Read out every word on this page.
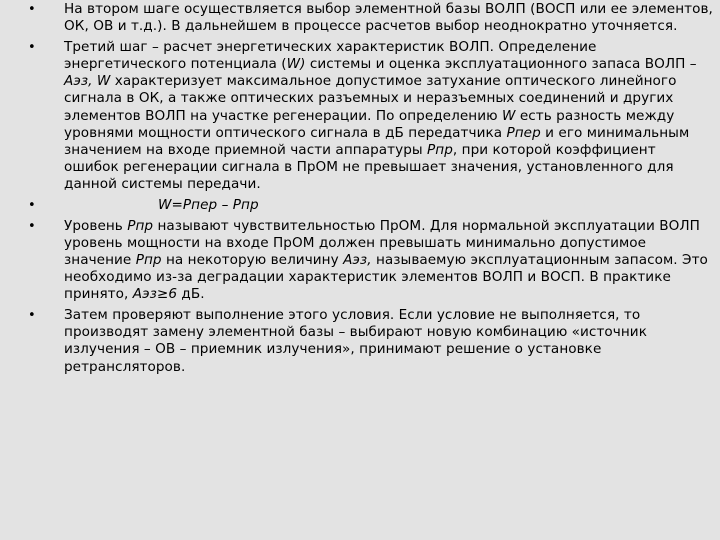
• На втором шаге осуществляется выбор элементной базы ВОЛП (ВОСП или ее элементов, ОК, ОВ и т.д.). В дальнейшем в процессе расчетов выбор неоднократно уточняется.
• Третий шаг – расчет энергетических характеристик ВОЛП. Определение энергетического потенциала (W) системы и оценка эксплуатационного запаса ВОЛП – Аэз, W характеризует максимальное допустимое затухание оптического линейного сигнала в ОК, а также оптических разъемных и неразъемных соединений и других элементов ВОЛП на участке регенерации. По определению W есть разность между уровнями мощности оптического сигнала в дБ передатчика Рпер и его минимальным значением на входе приемной части аппаратуры Рпр, при которой коэффициент ошибок регенерации сигнала в ПрОМ не превышает значения, установленного для данной системы передачи.
•	W=Рпер – Рпр
• Уровень Рпр называют чувствительностью ПрОМ. Для нормальной эксплуатации ВОЛП уровень мощности на входе ПрОМ должен превышать минимально допустимое значение Рпр на некоторую величину Аэз, называемую эксплуатационным запасом. Это необходимо из-за деградации характеристик элементов ВОЛП и ВОСП. В практике принято, Аэз≥6 дБ.
• Затем проверяют выполнение этого условия. Если условие не выполняется, то производят замену элементной базы – выбирают новую комбинацию «источник излучения – ОВ – приемник излучения», принимают решение о установке ретрансляторов.
